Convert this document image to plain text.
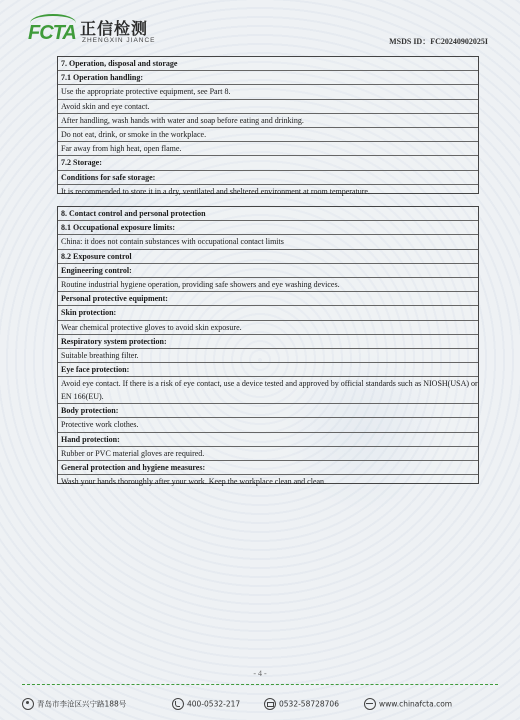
FCTA 正信检测
ZHENGXIN JIANCE	MSDS ID：FC20240902025I
7. Operation, disposal and storage
7.1 Operation handling:
Use the appropriate protective equipment, see Part 8.
Avoid skin and eye contact.
After handling, wash hands with water and soap before eating and drinking.
Do not eat, drink, or smoke in the workplace.
Far away from high heat, open flame.
7.2 Storage:
Conditions for safe storage:
It is recommended to store it in a dry, ventilated and sheltered environment at room temperature.
8. Contact control and personal protection
8.1 Occupational exposure limits:
China: it does not contain substances with occupational contact limits
8.2 Exposure control
Engineering control:
Routine industrial hygiene operation, providing safe showers and eye washing devices.
Personal protective equipment:
Skin protection:
Wear chemical protective gloves to avoid skin exposure.
Respiratory system protection:
Suitable breathing filter.
Eye face protection:
Avoid eye contact. If there is a risk of eye contact, use a device tested and approved by official standards such as NIOSH(USA) or EN 166(EU).
Body protection:
Protective work clothes.
Hand protection:
Rubber or PVC material gloves are required.
General protection and hygiene measures:
Wash your hands thoroughly after your work. Keep the workplace clean and clean.
- 4 -
青岛市李沧区兴宁路188号	400-0532-217	0532-58728706	www.chinafcta.com
